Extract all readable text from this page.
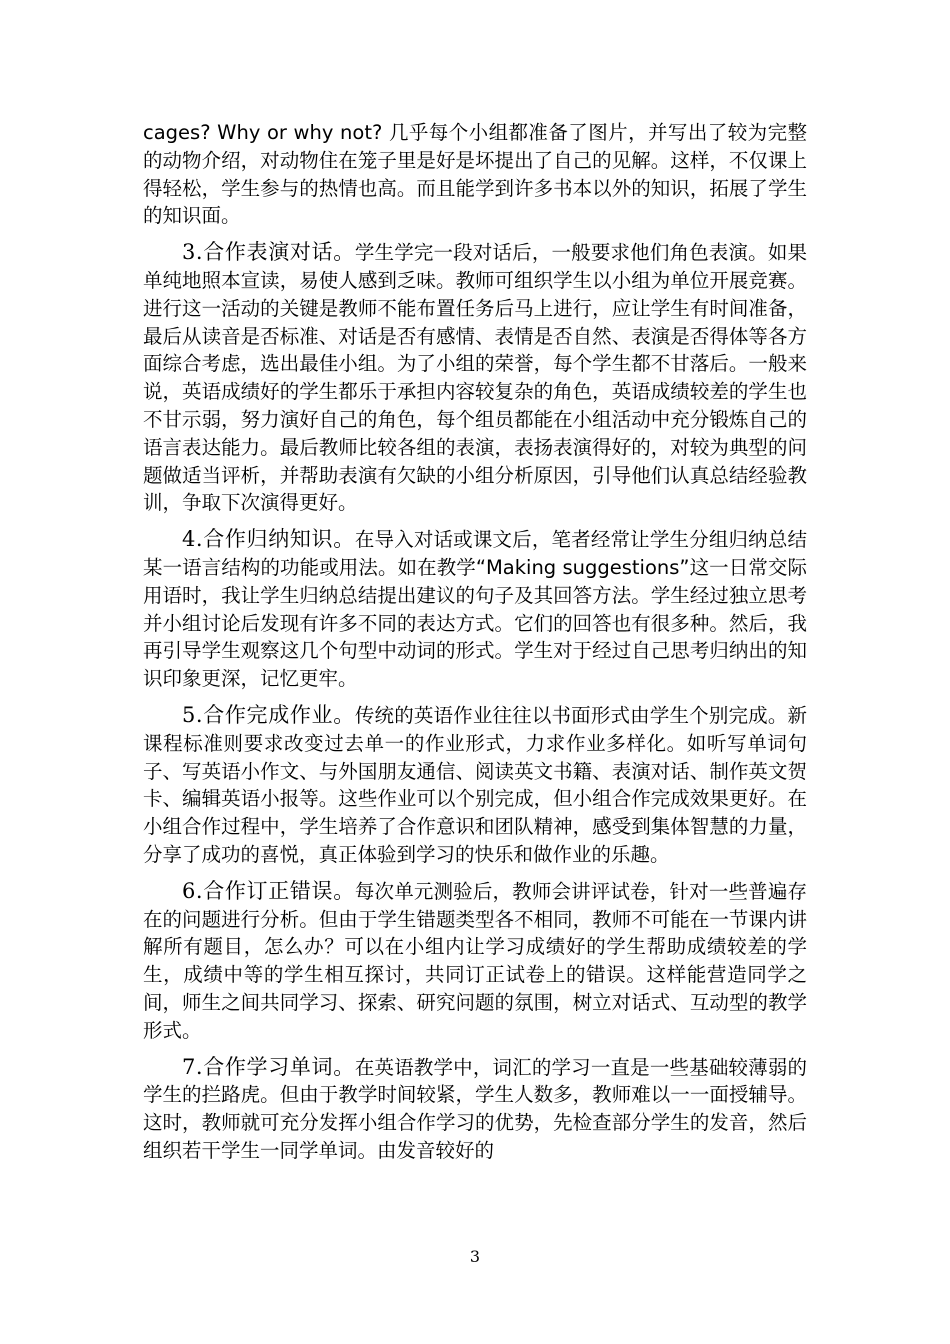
cages? Why or why not? 几乎每个小组都准备了图片，并写出了较为完整的动物介绍，对动物住在笼子里是好是坏提出了自己的见解。这样，不仅课上得轻松，学生参与的热情也高。而且能学到许多书本以外的知识，拓展了学生的知识面。

3.合作表演对话。学生学完一段对话后，一般要求他们角色表演。如果单纯地照本宣读，易使人感到乏味。教师可组织学生以小组为单位开展竞赛。进行这一活动的关键是教师不能布置任务后马上进行，应让学生有时间准备，最后从读音是否标准、对话是否有感情、表情是否自然、表演是否得体等各方面综合考虑，选出最佳小组。为了小组的荣誉，每个学生都不甘落后。一般来说，英语成绩好的学生都乐于承担内容较复杂的角色，英语成绩较差的学生也不甘示弱，努力演好自己的角色，每个组员都能在小组活动中充分锻炼自己的语言表达能力。最后教师比较各组的表演，表扬表演得好的，对较为典型的问题做适当评析，并帮助表演有欠缺的小组分析原因，引导他们认真总结经验教训，争取下次演得更好。

4.合作归纳知识。在导入对话或课文后，笔者经常让学生分组归纳总结某一语言结构的功能或用法。如在教学“Making suggestions”这一日常交际用语时，我让学生归纳总结提出建议的句子及其回答方法。学生经过独立思考并小组讨论后发现有许多不同的表达方式。它们的回答也有很多种。然后，我再引导学生观察这几个句型中动词的形式。学生对于经过自己思考归纳出的知识印象更深，记忆更牢。

5.合作完成作业。传统的英语作业往往以书面形式由学生个别完成。新课程标准则要求改变过去单一的作业形式，力求作业多样化。如听写单词句子、写英语小作文、与外国朋友通信、阅读英文书籍、表演对话、制作英文贺卡、编辑英语小报等。这些作业可以个别完成，但小组合作完成效果更好。在小组合作过程中，学生培养了合作意识和团队精神，感受到集体智慧的力量，分享了成功的喜悦，真正体验到学习的快乐和做作业的乐趣。

6.合作订正错误。每次单元测验后，教师会讲评试卷，针对一些普遍存在的问题进行分析。但由于学生错题类型各不相同，教师不可能在一节课内讲解所有题目，怎么办？可以在小组内让学习成绩好的学生帮助成绩较差的学生，成绩中等的学生相互探讨，共同订正试卷上的错误。这样能营造同学之间，师生之间共同学习、探索、研究问题的氛围，树立对话式、互动型的教学形式。

7.合作学习单词。在英语教学中，词汇的学习一直是一些基础较薄弱的学生的拦路虎。但由于教学时间较紧，学生人数多，教师难以一一面授辅导。这时，教师就可充分发挥小组合作学习的优势，先检查部分学生的发音，然后组织若干学生一同学单词。由发音较好的

3
